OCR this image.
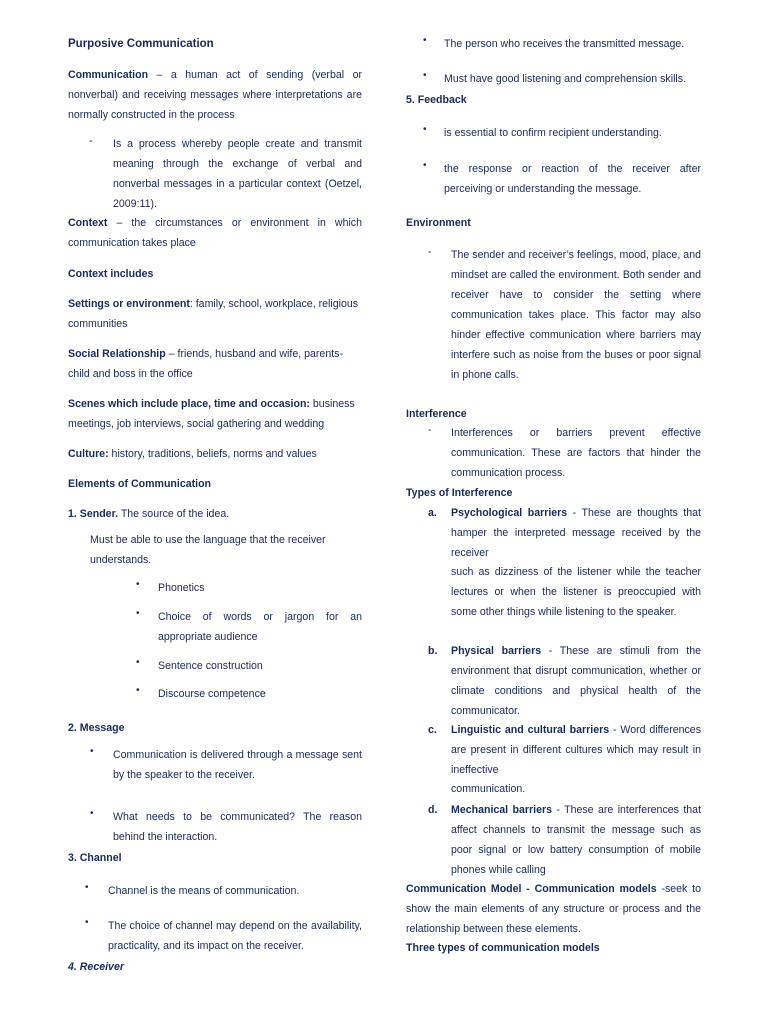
Purposive Communication
Communication – a human act of sending (verbal or nonverbal) and receiving messages where interpretations are normally constructed in the process
- Is a process whereby people create and transmit meaning through the exchange of verbal and nonverbal messages in a particular context (Oetzel, 2009:11).
Context – the circumstances or environment in which communication takes place
Context includes
Settings or environment: family, school, workplace, religious communities
Social Relationship – friends, husband and wife, parents-child and boss in the office
Scenes which include place, time and occasion: business meetings, job interviews, social gathering and wedding
Culture: history, traditions, beliefs, norms and values
Elements of Communication
1. Sender. The source of the idea.
Must be able to use the language that the receiver understands.
• Phonetics
• Choice of words or jargon for an appropriate audience
• Sentence construction
• Discourse competence
2. Message
• Communication is delivered through a message sent by the speaker to the receiver.
• What needs to be communicated? The reason behind the interaction.
3. Channel
• Channel is the means of communication.
• The choice of channel may depend on the availability, practicality, and its impact on the receiver.
4. Receiver
• The person who receives the transmitted message.
• Must have good listening and comprehension skills.
5. Feedback
• is essential to confirm recipient understanding.
• the response or reaction of the receiver after perceiving or understanding the message.
Environment
- The sender and receiver’s feelings, mood, place, and mindset are called the environment. Both sender and receiver have to consider the setting where communication takes place. This factor may also hinder effective communication where barriers may interfere such as noise from the buses or poor signal in phone calls.
Interference
- Interferences or barriers prevent effective communication. These are factors that hinder the communication process.
Types of Interference
a. Psychological barriers - These are thoughts that hamper the interpreted message received by the receiver
such as dizziness of the listener while the teacher lectures or when the listener is preoccupied with some other things while listening to the speaker.
b. Physical barriers - These are stimuli from the environment that disrupt communication, whether or climate conditions and physical health of the communicator.
c. Linguistic and cultural barriers - Word differences are present in different cultures which may result in ineffective
communication.
d. Mechanical barriers - These are interferences that affect channels to transmit the message such as poor signal or low battery consumption of mobile phones while calling
Communication Model - Communication models -seek to show the main elements of any structure or process and the relationship between these elements.
Three types of communication models
